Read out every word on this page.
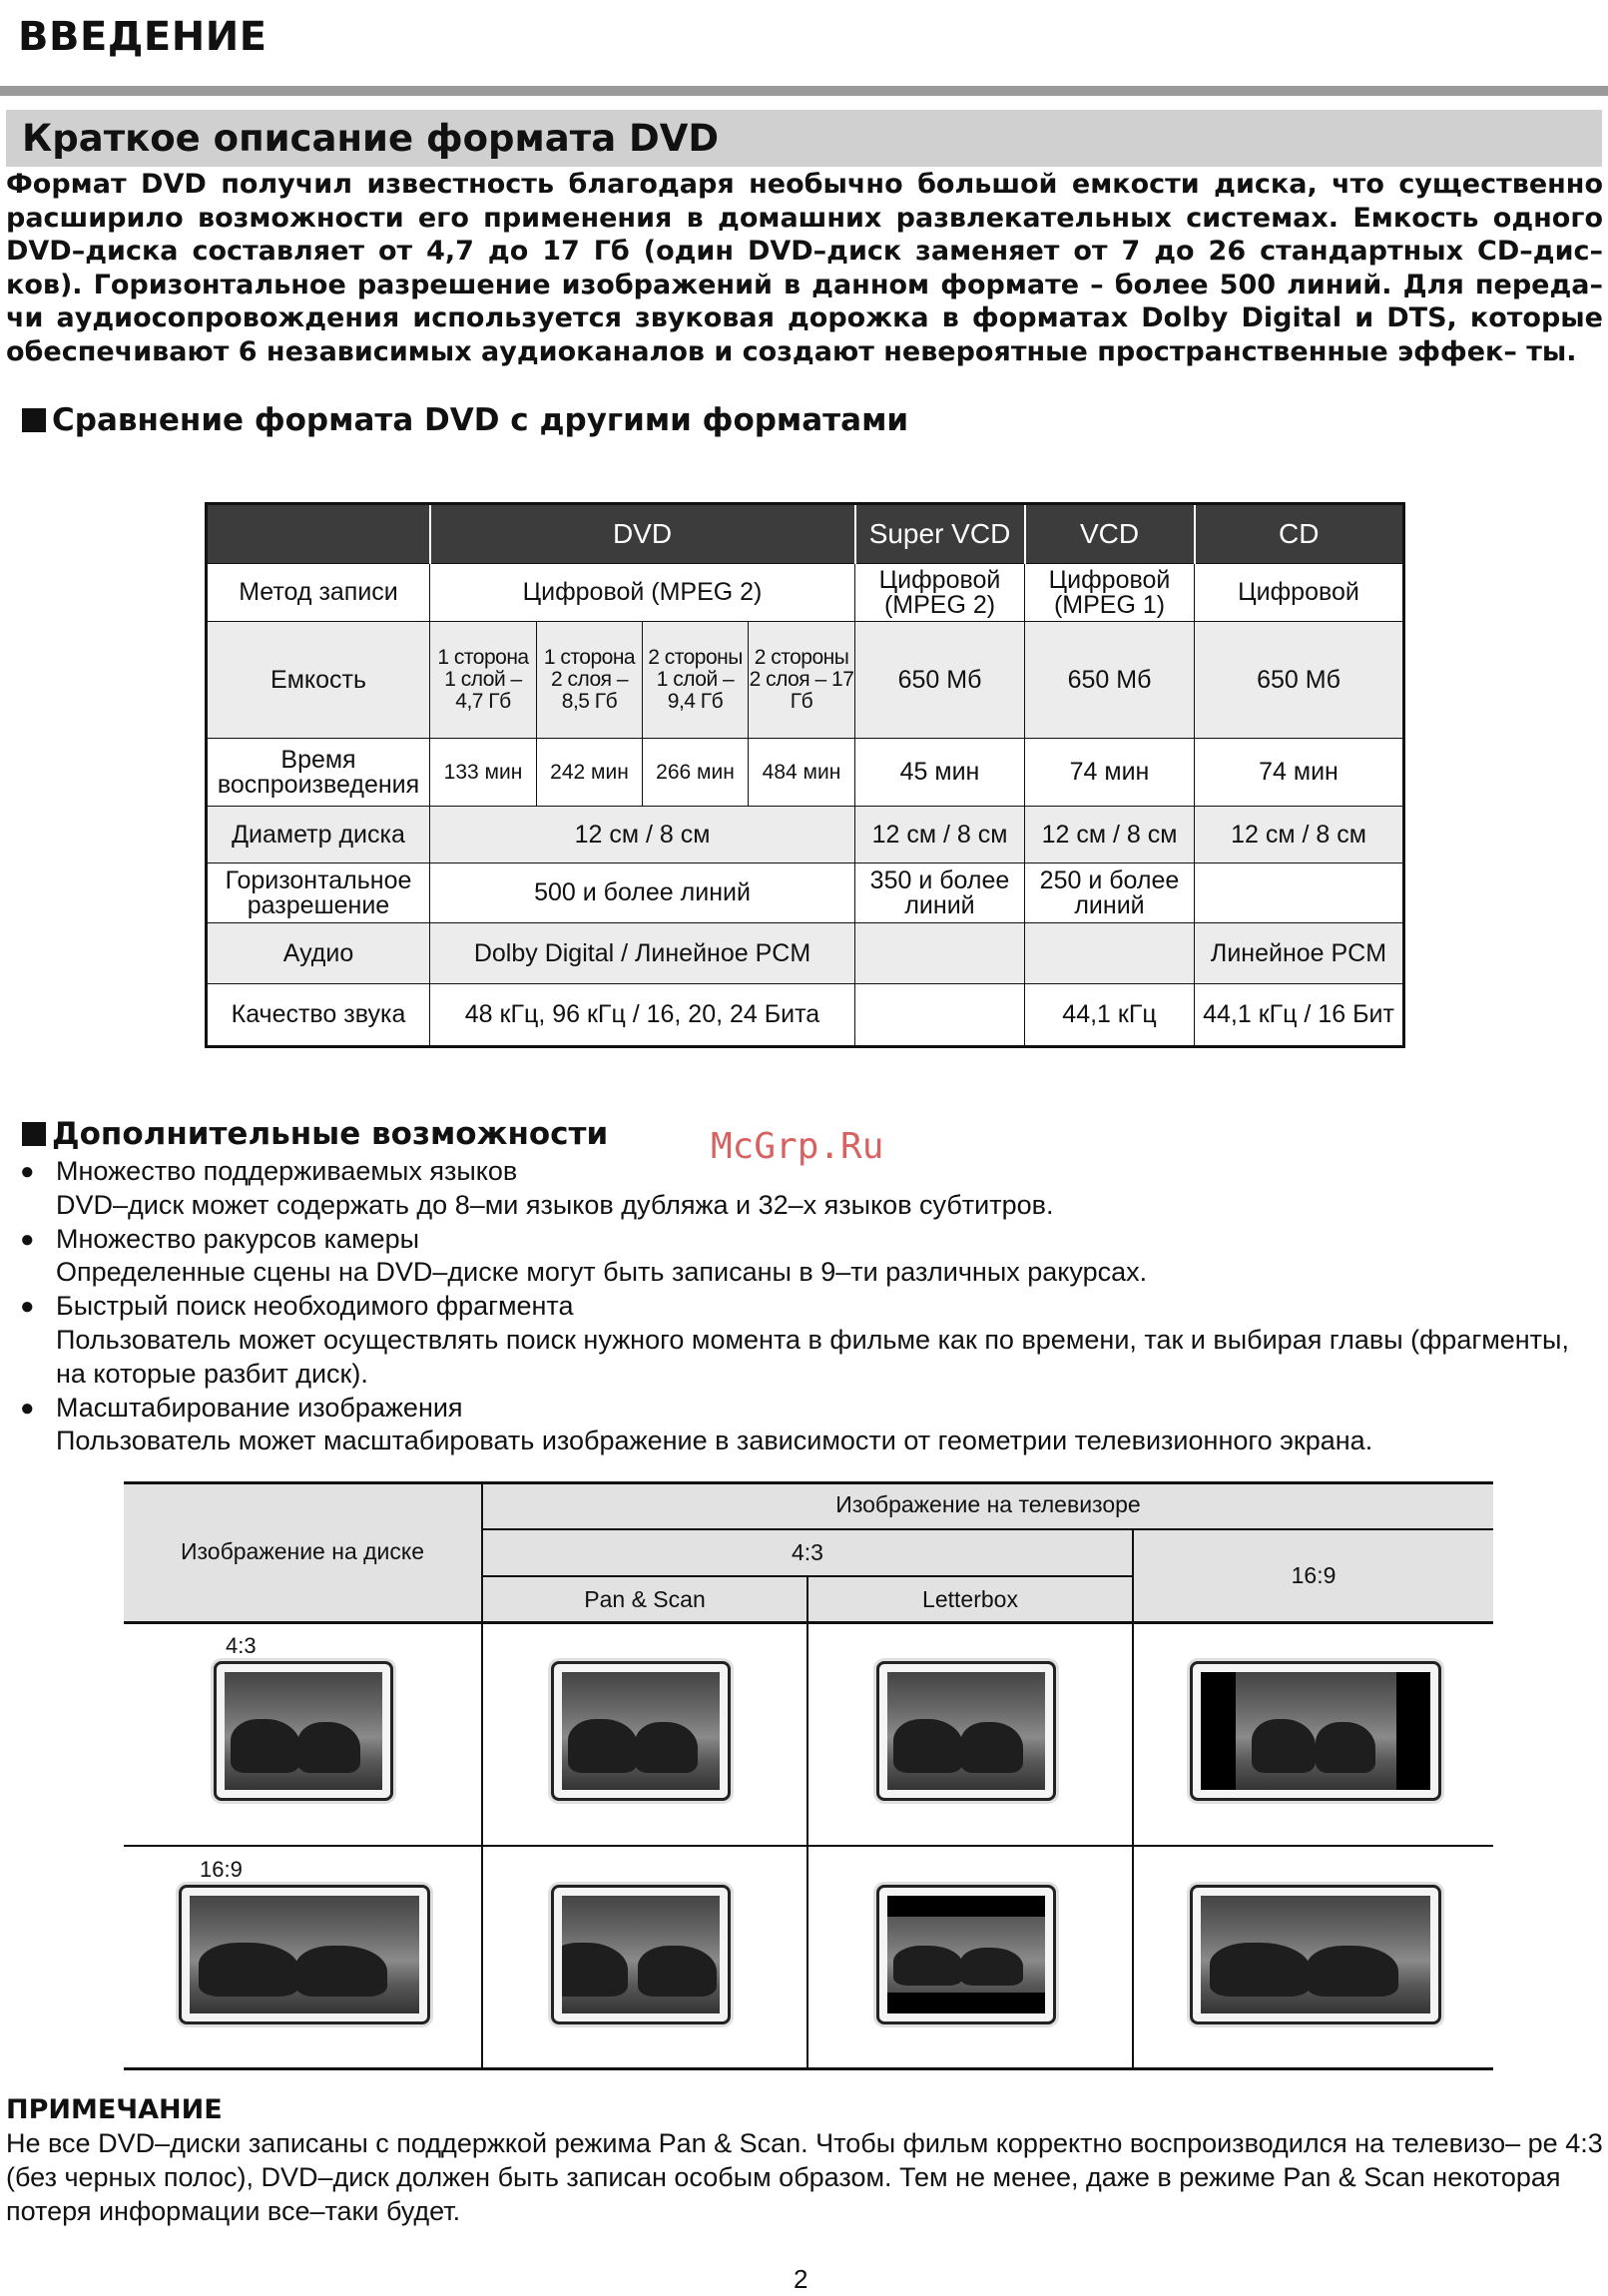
ВВЕДЕНИЕ
Краткое описание формата DVD

Формат DVD получил известность благодаря необычно большой емкости диска, что существенно расширило возможности его применения в домашних развлекательных системах. Емкость одного DVD–диска составляет от 4,7 до 17 Гб (один DVD–диск заменяет от 7 до 26 стандартных CD–дис– ков). Горизонтальное разрешение изображений в данном формате – более 500 линий. Для переда– чи аудиосопровождения используется звуковая дорожка в форматах Dolby Digital и DTS, которые обеспечивают 6 независимых аудиоканалов и создают невероятные пространственные эффек– ты.

Сравнение формата DVD с другими форматами
	DVD				Super VCD	VCD	CD
Метод записи	Цифровой (MPEG 2)				Цифровой (MPEG 2)	Цифровой (MPEG 1)	Цифровой
Емкость	1 сторона 1 слой – 4,7 Гб	1 сторона 2 слоя – 8,5 Гб	2 стороны 1 слой – 9,4 Гб	2 стороны 2 слоя – 17 Гб	650 Мб	650 Мб	650 Мб
Время воспроизведения	133 мин	242 мин	266 мин	484 мин	45 мин	74 мин	74 мин
Диаметр диска	12 см / 8 см				12 см / 8 см	12 см / 8 см	12 см / 8 см
Горизонтальное разрешение	500 и более линий				350 и более линий	250 и более линий	
Аудио	Dolby Digital / Линейное PCM						Линейное PCM
Качество звука	48 кГц, 96 кГц / 16, 20, 24 Бита					44,1 кГц	44,1 кГц / 16 Бит
Дополнительные возможности	McGrp.Ru
● Множество поддерживаемых языков
DVD–диск может содержать до 8–ми языков дубляжа и 32–х языков субтитров.
● Множество ракурсов камеры
Определенные сцены на DVD–диске могут быть записаны в 9–ти различных ракурсах.
● Быстрый поиск необходимого фрагмента
Пользователь может осуществлять поиск нужного момента в фильме как по времени, так и выбирая главы (фрагменты, на которые разбит диск).
● Масштабирование изображения
Пользователь может масштабировать изображение в зависимости от геометрии телевизионного экрана.
Изображение на диске
Изображение на телевизоре
4:3
16:9
Pan & Scan	Letterbox
4:3
16:9
ПРИМЕЧАНИЕ

Не все DVD–диски записаны с поддержкой режима Pan & Scan. Чтобы фильм корректно воспроизводился на телевизо– ре 4:3 (без черных полос), DVD–диск должен быть записан особым образом. Тем не менее, даже в режиме Pan & Scan некоторая потеря информации все–таки будет.

2
